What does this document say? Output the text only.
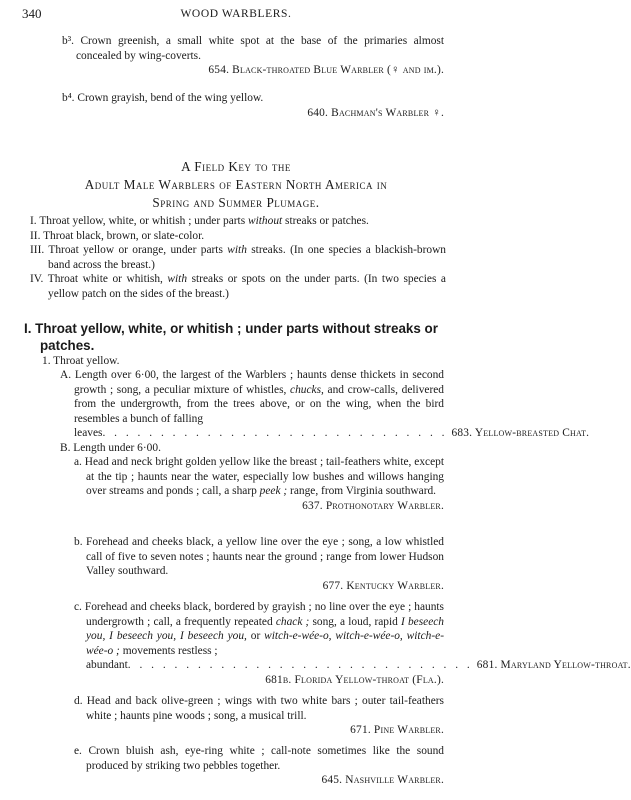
340	WOOD WARBLERS.

b³. Crown greenish, a small white spot at the base of the primaries almost concealed by wing-coverts.

654. Black-throated Blue Warbler (♀ and im.).

b⁴. Crown grayish, bend of the wing yellow.

640. Bachman's Warbler ♀.

A Field Key to the

Adult Male Warblers of Eastern North America in

Spring and Summer Plumage.

I. Throat yellow, white, or whitish ; under parts without streaks or patches.

II. Throat black, brown, or slate-color.

III. Throat yellow or orange, under parts with streaks. (In one species a blackish-brown band across the breast.)

IV. Throat white or whitish, with streaks or spots on the under parts. (In two species a yellow patch on the sides of the breast.)

I. Throat yellow, white, or whitish ; under parts without streaks or patches.
1. Throat yellow.

A. Length over 6·00, the largest of the Warblers ; haunts dense thickets in second growth ; song, a peculiar mixture of whistles, chucks, and crow-calls, delivered from the undergrowth, from the trees above, or on the wing, when the bird resembles a bunch of falling

leaves . . . . . . . . . . . . . . . . . . . . . . . . . . . . . . 683. Yellow-breasted Chat.
B. Length under 6·00.

a. Head and neck bright golden yellow like the breast ; tail-feathers white, except at the tip ; haunts near the water, especially low bushes and willows hanging over streams and ponds ; call, a sharp peek ; range, from Virginia southward.

637. Prothonotary Warbler.

b. Forehead and cheeks black, a yellow line over the eye ; song, a low whistled call of five to seven notes ; haunts near the ground ; range from lower Hudson Valley southward.

677. Kentucky Warbler.

c. Forehead and cheeks black, bordered by grayish ; no line over the eye ; haunts undergrowth ; call, a frequently repeated chack ; song, a loud, rapid I beseech you, I beseech you, I beseech you, or witch-e-wée-o, witch-e-wée-o, witch-e-wée-o ; movements restless ;

abundant . . . . . . . . . . . . . . . . . . . . . . . . . . . . . . 681. Maryland Yellow-throat.

681b. Florida Yellow-throat (Fla.).

d. Head and back olive-green ; wings with two white bars ; outer tail-feathers white ; haunts pine woods ; song, a musical trill.

671. Pine Warbler.

e. Crown bluish ash, eye-ring white ; call-note sometimes like the sound produced by striking two pebbles together.

645. Nashville Warbler.
